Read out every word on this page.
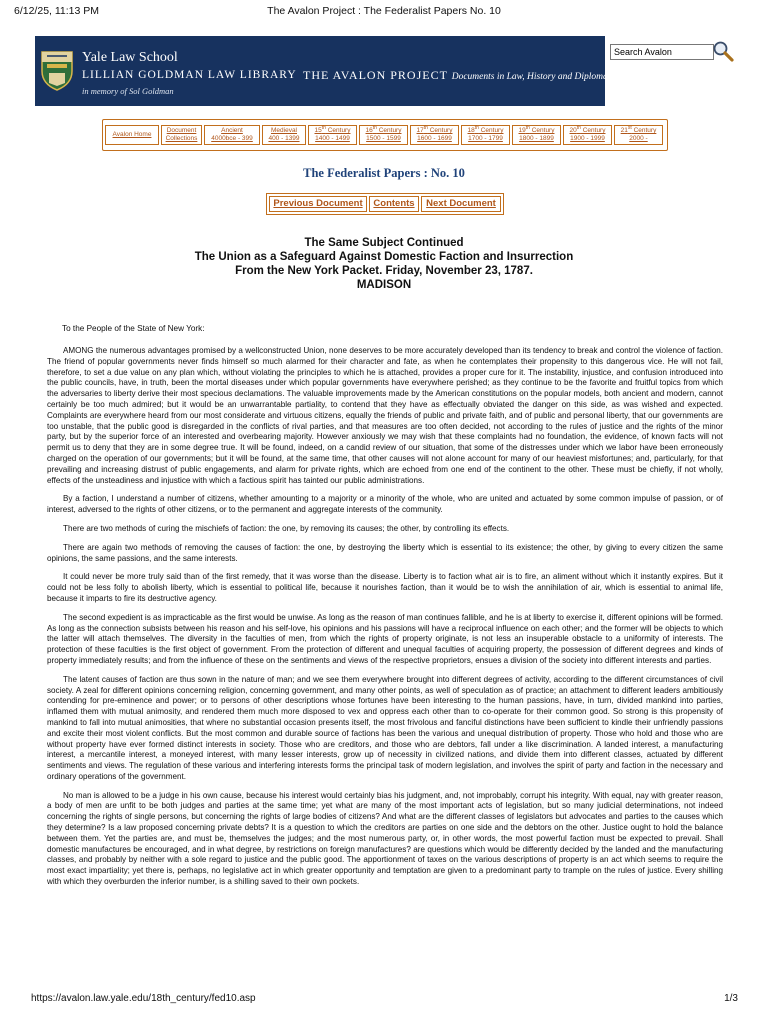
6/12/25, 11:13 PM	The Avalon Project : The Federalist Papers No. 10
Yale Law School
LILLIAN GOLDMAN LAW LIBRARY
in memory of Sol Goldman
THE AVALON PROJECT Documents in Law, History and Diplomacy
Search Avalon
Avalon Home
Document
Collections
Ancient
4000bce - 399
Medieval
400 - 1399
15th Century
1400 - 1499
16th Century
1500 - 1599
17th Century
1600 - 1699
18th Century
1700 - 1799
19th Century
1800 - 1899
20th Century
1900 - 1999
21st Century
2000 -
The Federalist Papers : No. 10
Previous Document	Contents	Next Document
The Same Subject Continued
The Union as a Safeguard Against Domestic Faction and Insurrection
From the New York Packet. Friday, November 23, 1787.
MADISON
To the People of the State of New York:

AMONG the numerous advantages promised by a wellconstructed Union, none deserves to be more accurately developed than its tendency to break and control the violence of faction. The friend of popular governments never finds himself so much alarmed for their character and fate, as when he contemplates their propensity to this dangerous vice. He will not fail, therefore, to set a due value on any plan which, without violating the principles to which he is attached, provides a proper cure for it. The instability, injustice, and confusion introduced into the public councils, have, in truth, been the mortal diseases under which popular governments have everywhere perished; as they continue to be the favorite and fruitful topics from which the adversaries to liberty derive their most specious declamations. The valuable improvements made by the American constitutions on the popular models, both ancient and modern, cannot certainly be too much admired; but it would be an unwarrantable partiality, to contend that they have as effectually obviated the danger on this side, as was wished and expected. Complaints are everywhere heard from our most considerate and virtuous citizens, equally the friends of public and private faith, and of public and personal liberty, that our governments are too unstable, that the public good is disregarded in the conflicts of rival parties, and that measures are too often decided, not according to the rules of justice and the rights of the minor party, but by the superior force of an interested and overbearing majority. However anxiously we may wish that these complaints had no foundation, the evidence, of known facts will not permit us to deny that they are in some degree true. It will be found, indeed, on a candid review of our situation, that some of the distresses under which we labor have been erroneously charged on the operation of our governments; but it will be found, at the same time, that other causes will not alone account for many of our heaviest misfortunes; and, particularly, for that prevailing and increasing distrust of public engagements, and alarm for private rights, which are echoed from one end of the continent to the other. These must be chiefly, if not wholly, effects of the unsteadiness and injustice with which a factious spirit has tainted our public administrations.

By a faction, I understand a number of citizens, whether amounting to a majority or a minority of the whole, who are united and actuated by some common impulse of passion, or of interest, adversed to the rights of other citizens, or to the permanent and aggregate interests of the community.

There are two methods of curing the mischiefs of faction: the one, by removing its causes; the other, by controlling its effects.

There are again two methods of removing the causes of faction: the one, by destroying the liberty which is essential to its existence; the other, by giving to every citizen the same opinions, the same passions, and the same interests.

It could never be more truly said than of the first remedy, that it was worse than the disease. Liberty is to faction what air is to fire, an aliment without which it instantly expires. But it could not be less folly to abolish liberty, which is essential to political life, because it nourishes faction, than it would be to wish the annihilation of air, which is essential to animal life, because it imparts to fire its destructive agency.

The second expedient is as impracticable as the first would be unwise. As long as the reason of man continues fallible, and he is at liberty to exercise it, different opinions will be formed. As long as the connection subsists between his reason and his self-love, his opinions and his passions will have a reciprocal influence on each other; and the former will be objects to which the latter will attach themselves. The diversity in the faculties of men, from which the rights of property originate, is not less an insuperable obstacle to a uniformity of interests. The protection of these faculties is the first object of government. From the protection of different and unequal faculties of acquiring property, the possession of different degrees and kinds of property immediately results; and from the influence of these on the sentiments and views of the respective proprietors, ensues a division of the society into different interests and parties.

The latent causes of faction are thus sown in the nature of man; and we see them everywhere brought into different degrees of activity, according to the different circumstances of civil society. A zeal for different opinions concerning religion, concerning government, and many other points, as well of speculation as of practice; an attachment to different leaders ambitiously contending for pre-eminence and power; or to persons of other descriptions whose fortunes have been interesting to the human passions, have, in turn, divided mankind into parties, inflamed them with mutual animosity, and rendered them much more disposed to vex and oppress each other than to co-operate for their common good. So strong is this propensity of mankind to fall into mutual animosities, that where no substantial occasion presents itself, the most frivolous and fanciful distinctions have been sufficient to kindle their unfriendly passions and excite their most violent conflicts. But the most common and durable source of factions has been the various and unequal distribution of property. Those who hold and those who are without property have ever formed distinct interests in society. Those who are creditors, and those who are debtors, fall under a like discrimination. A landed interest, a manufacturing interest, a mercantile interest, a moneyed interest, with many lesser interests, grow up of necessity in civilized nations, and divide them into different classes, actuated by different sentiments and views. The regulation of these various and interfering interests forms the principal task of modern legislation, and involves the spirit of party and faction in the necessary and ordinary operations of the government.

No man is allowed to be a judge in his own cause, because his interest would certainly bias his judgment, and, not improbably, corrupt his integrity. With equal, nay with greater reason, a body of men are unfit to be both judges and parties at the same time; yet what are many of the most important acts of legislation, but so many judicial determinations, not indeed concerning the rights of single persons, but concerning the rights of large bodies of citizens? And what are the different classes of legislators but advocates and parties to the causes which they determine? Is a law proposed concerning private debts? It is a question to which the creditors are parties on one side and the debtors on the other. Justice ought to hold the balance between them. Yet the parties are, and must be, themselves the judges; and the most numerous party, or, in other words, the most powerful faction must be expected to prevail. Shall domestic manufactures be encouraged, and in what degree, by restrictions on foreign manufactures? are questions which would be differently decided by the landed and the manufacturing classes, and probably by neither with a sole regard to justice and the public good. The apportionment of taxes on the various descriptions of property is an act which seems to require the most exact impartiality; yet there is, perhaps, no legislative act in which greater opportunity and temptation are given to a predominant party to trample on the rules of justice. Every shilling with which they overburden the inferior number, is a shilling saved to their own pockets.

https://avalon.law.yale.edu/18th_century/fed10.asp	1/3
